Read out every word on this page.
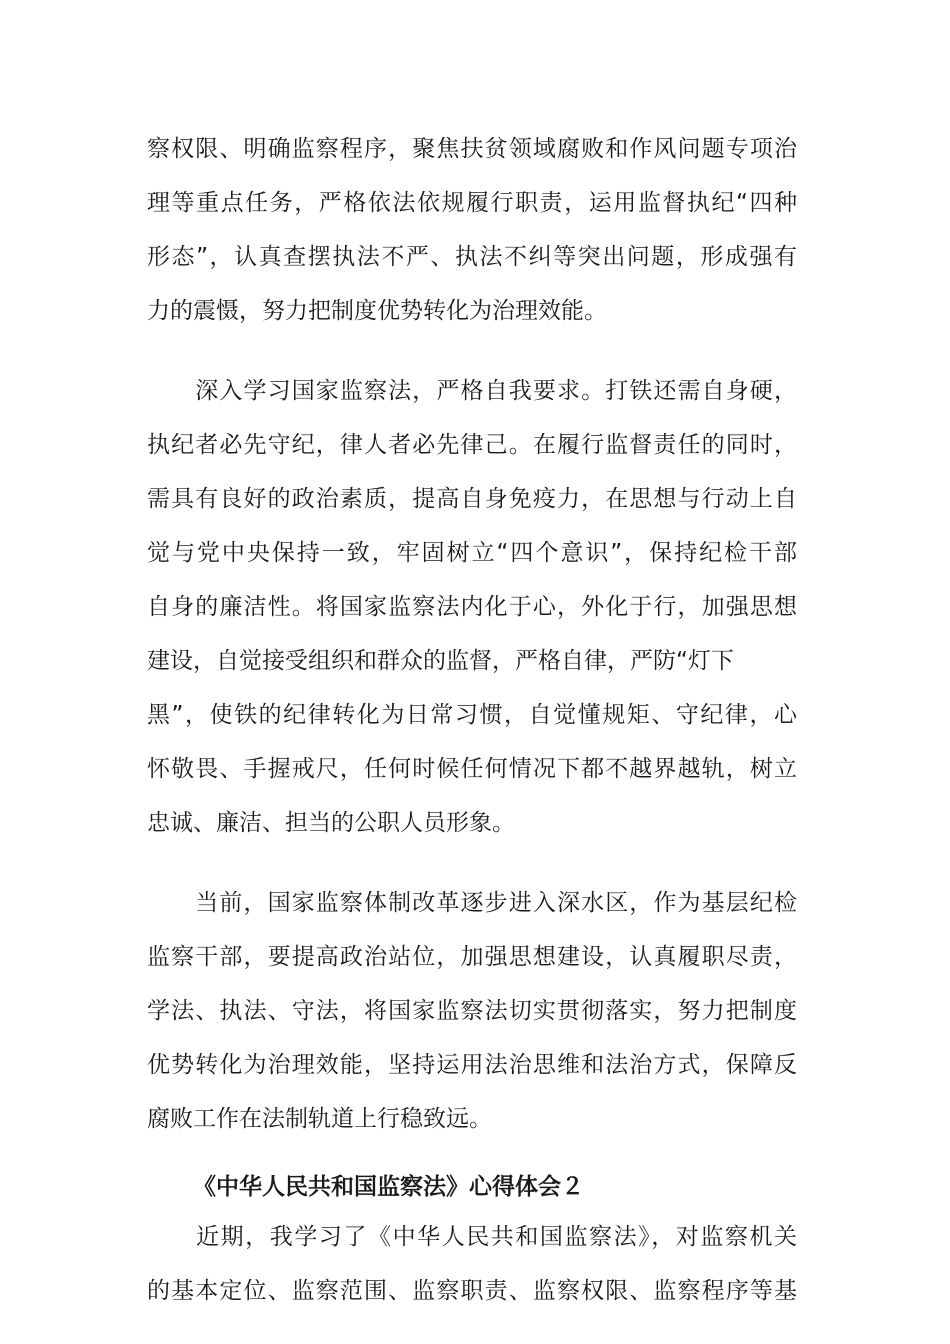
察权限、明确监察程序，聚焦扶贫领域腐败和作风问题专项治
理等重点任务，严格依法依规履行职责，运用监督执纪“四种
形态”，认真查摆执法不严、执法不纠等突出问题，形成强有
力的震慑，努力把制度优势转化为治理效能。
　　深入学习国家监察法，严格自我要求。打铁还需自身硬，
执纪者必先守纪，律人者必先律己。在履行监督责任的同时，
需具有良好的政治素质，提高自身免疫力，在思想与行动上自
觉与党中央保持一致，牢固树立“四个意识”，保持纪检干部
自身的廉洁性。将国家监察法内化于心，外化于行，加强思想
建设，自觉接受组织和群众的监督，严格自律，严防“灯下
黑”，使铁的纪律转化为日常习惯，自觉懂规矩、守纪律，心
怀敬畏、手握戒尺，任何时候任何情况下都不越界越轨，树立
忠诚、廉洁、担当的公职人员形象。
　　当前，国家监察体制改革逐步进入深水区，作为基层纪检
监察干部，要提高政治站位，加强思想建设，认真履职尽责，
学法、执法、守法，将国家监察法切实贯彻落实，努力把制度
优势转化为治理效能，坚持运用法治思维和法治方式，保障反
腐败工作在法制轨道上行稳致远。
《中华人民共和国监察法》心得体会２
　　近期，我学习了《中华人民共和国监察法》，对监察机关
的基本定位、监察范围、监察职责、监察权限、监察程序等基
